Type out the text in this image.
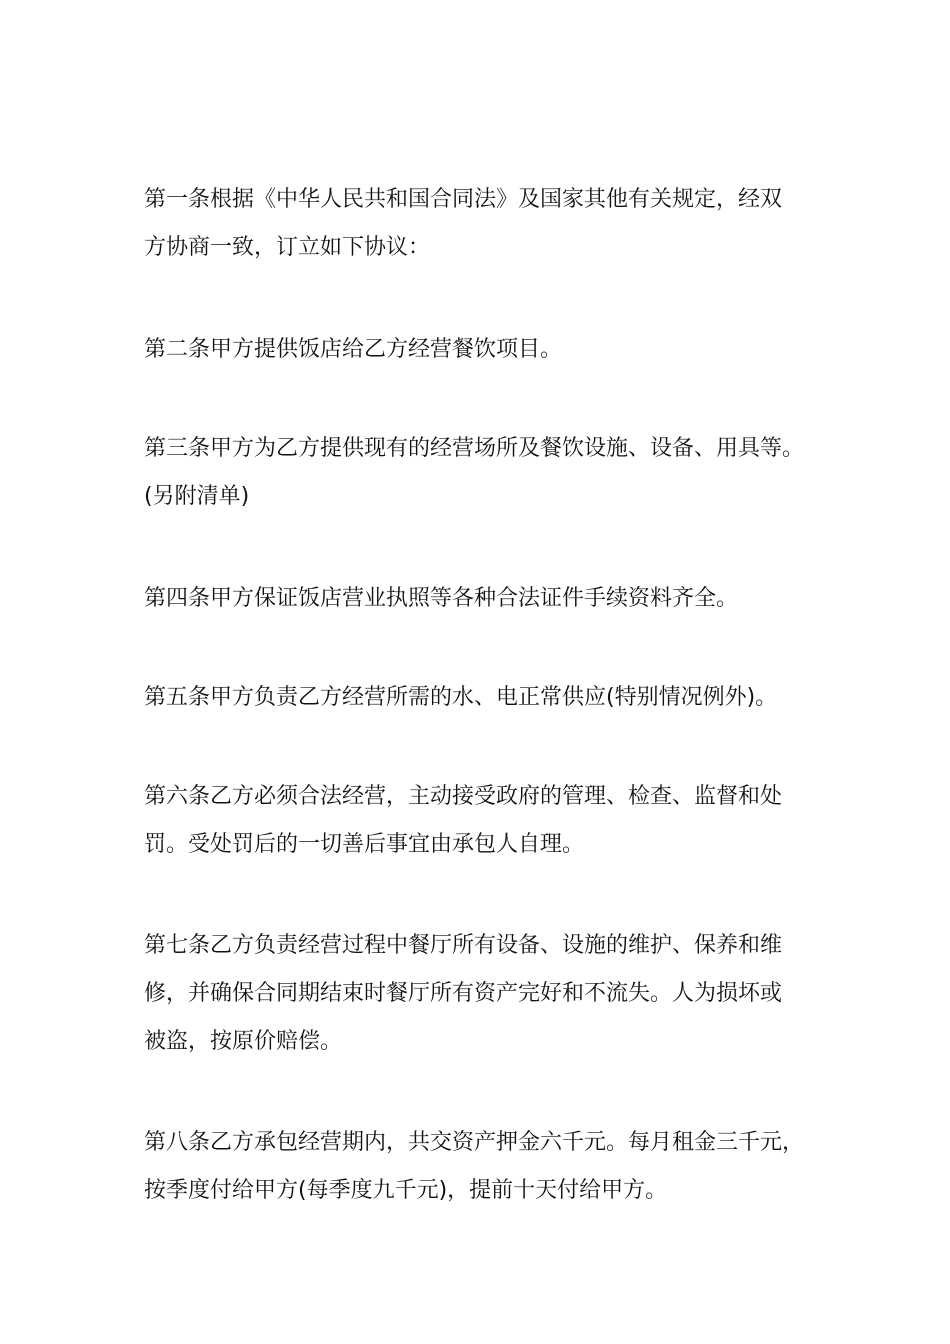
第一条根据《中华人民共和国合同法》及国家其他有关规定，经双
方协商一致，订立如下协议：

第二条甲方提供饭店给乙方经营餐饮项目。

第三条甲方为乙方提供现有的经营场所及餐饮设施、设备、用具等。
(另附清单)

第四条甲方保证饭店营业执照等各种合法证件手续资料齐全。

第五条甲方负责乙方经营所需的水、电正常供应(特别情况例外)。

第六条乙方必须合法经营，主动接受政府的管理、检查、监督和处
罚。受处罚后的一切善后事宜由承包人自理。

第七条乙方负责经营过程中餐厅所有设备、设施的维护、保养和维
修，并确保合同期结束时餐厅所有资产完好和不流失。人为损坏或
被盗，按原价赔偿。

第八条乙方承包经营期内，共交资产押金六千元。每月租金三千元，
按季度付给甲方(每季度九千元)，提前十天付给甲方。
